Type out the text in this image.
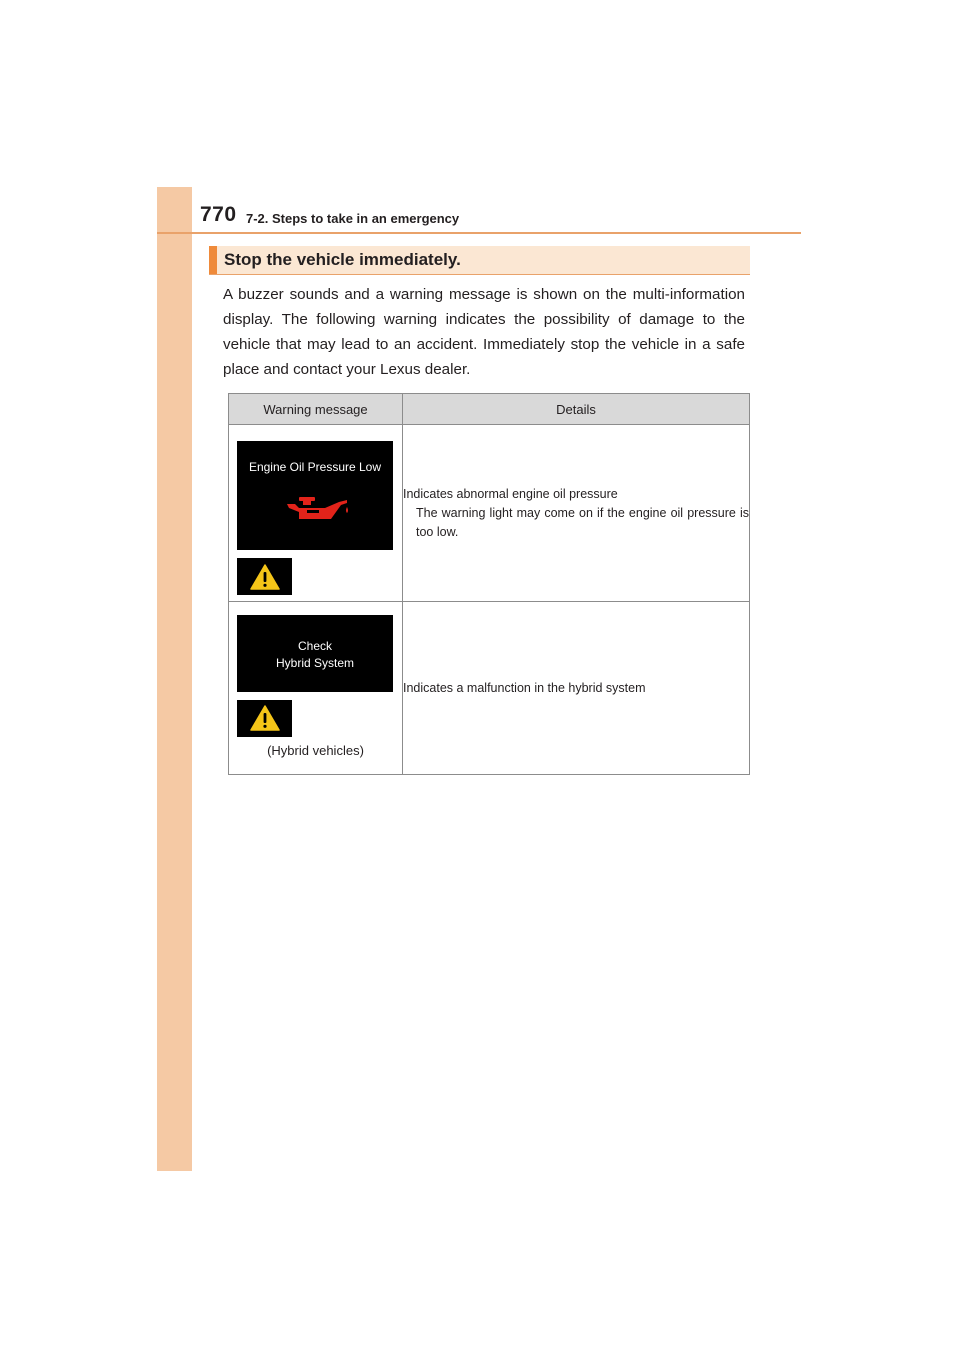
770 7-2. Steps to take in an emergency
Stop the vehicle immediately.

A buzzer sounds and a warning message is shown on the multi-information display. The following warning indicates the possibility of damage to the vehicle that may lead to an accident. Immediately stop the vehicle in a safe place and contact your Lexus dealer.

Warning message	Details

Engine Oil Pressure Low	Indicates abnormal engine oil pressure
The warning light may come on if the engine oil pressure is too low.

Check
Hybrid System
(Hybrid vehicles)	Indicates a malfunction in the hybrid system
